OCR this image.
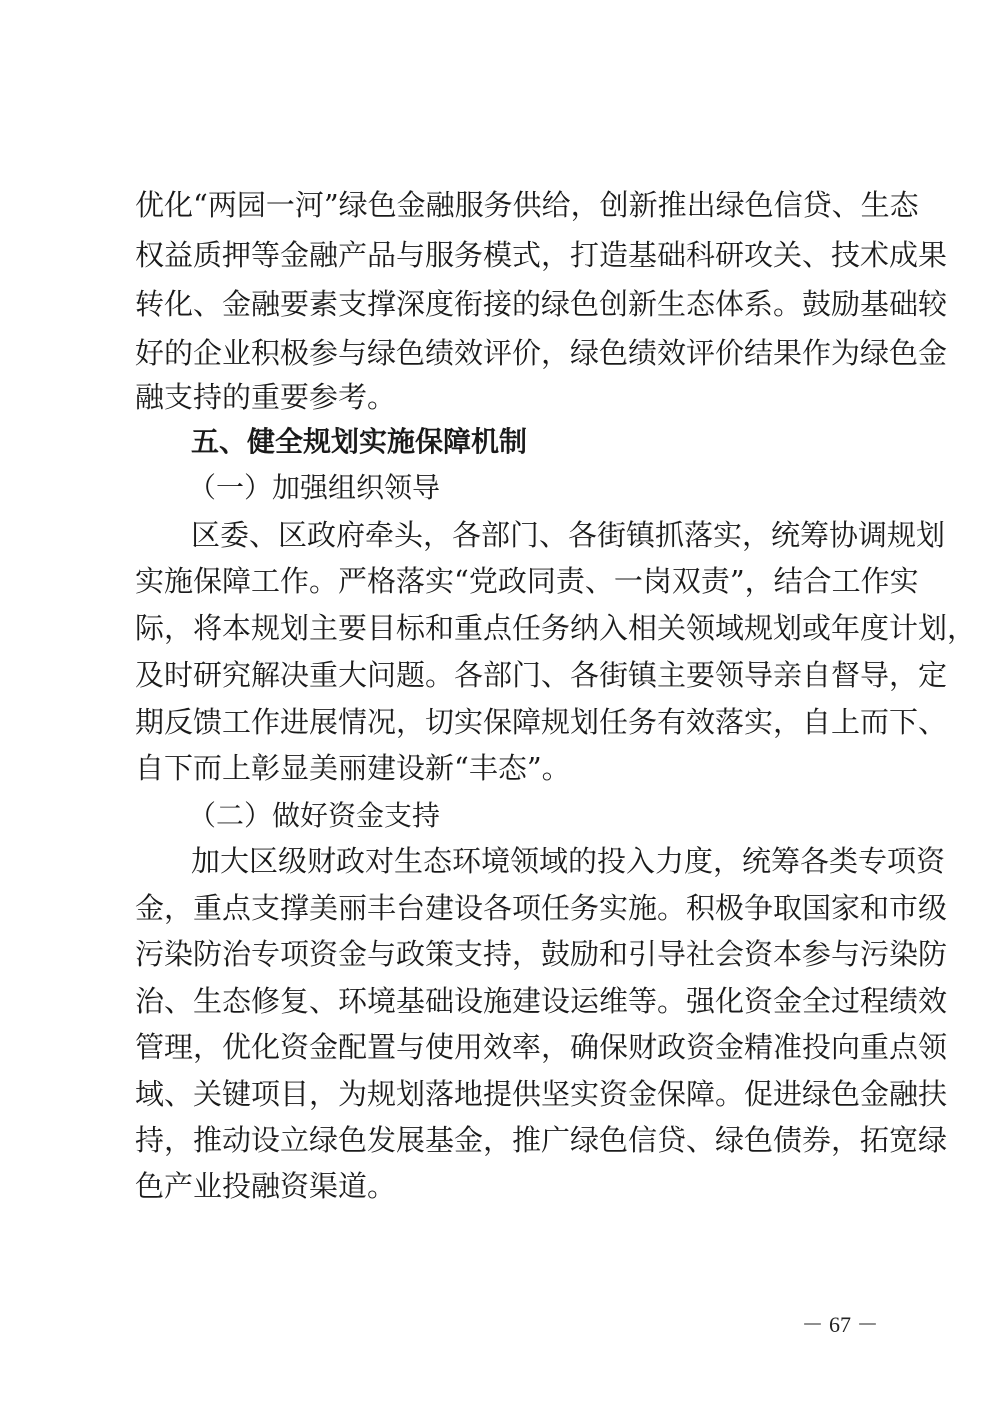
优化“两园一河”绿色金融服务供给，创新推出绿色信贷、生态

权益质押等金融产品与服务模式，打造基础科研攻关、技术成果

转化、金融要素支撑深度衔接的绿色创新生态体系。鼓励基础较

好的企业积极参与绿色绩效评价，绿色绩效评价结果作为绿色金

融支持的重要参考。

五、健全规划实施保障机制

（一）加强组织领导

区委、区政府牵头，各部门、各街镇抓落实，统筹协调规划

实施保障工作。严格落实“党政同责、一岗双责”，结合工作实

际，将本规划主要目标和重点任务纳入相关领域规划或年度计划，

及时研究解决重大问题。各部门、各街镇主要领导亲自督导，定

期反馈工作进展情况，切实保障规划任务有效落实，自上而下、

自下而上彰显美丽建设新“丰态”。

（二）做好资金支持

加大区级财政对生态环境领域的投入力度，统筹各类专项资

金，重点支撑美丽丰台建设各项任务实施。积极争取国家和市级

污染防治专项资金与政策支持，鼓励和引导社会资本参与污染防

治、生态修复、环境基础设施建设运维等。强化资金全过程绩效

管理，优化资金配置与使用效率，确保财政资金精准投向重点领

域、关键项目，为规划落地提供坚实资金保障。促进绿色金融扶

持，推动设立绿色发展基金，推广绿色信贷、绿色债券，拓宽绿

色产业投融资渠道。

－ 67 －
